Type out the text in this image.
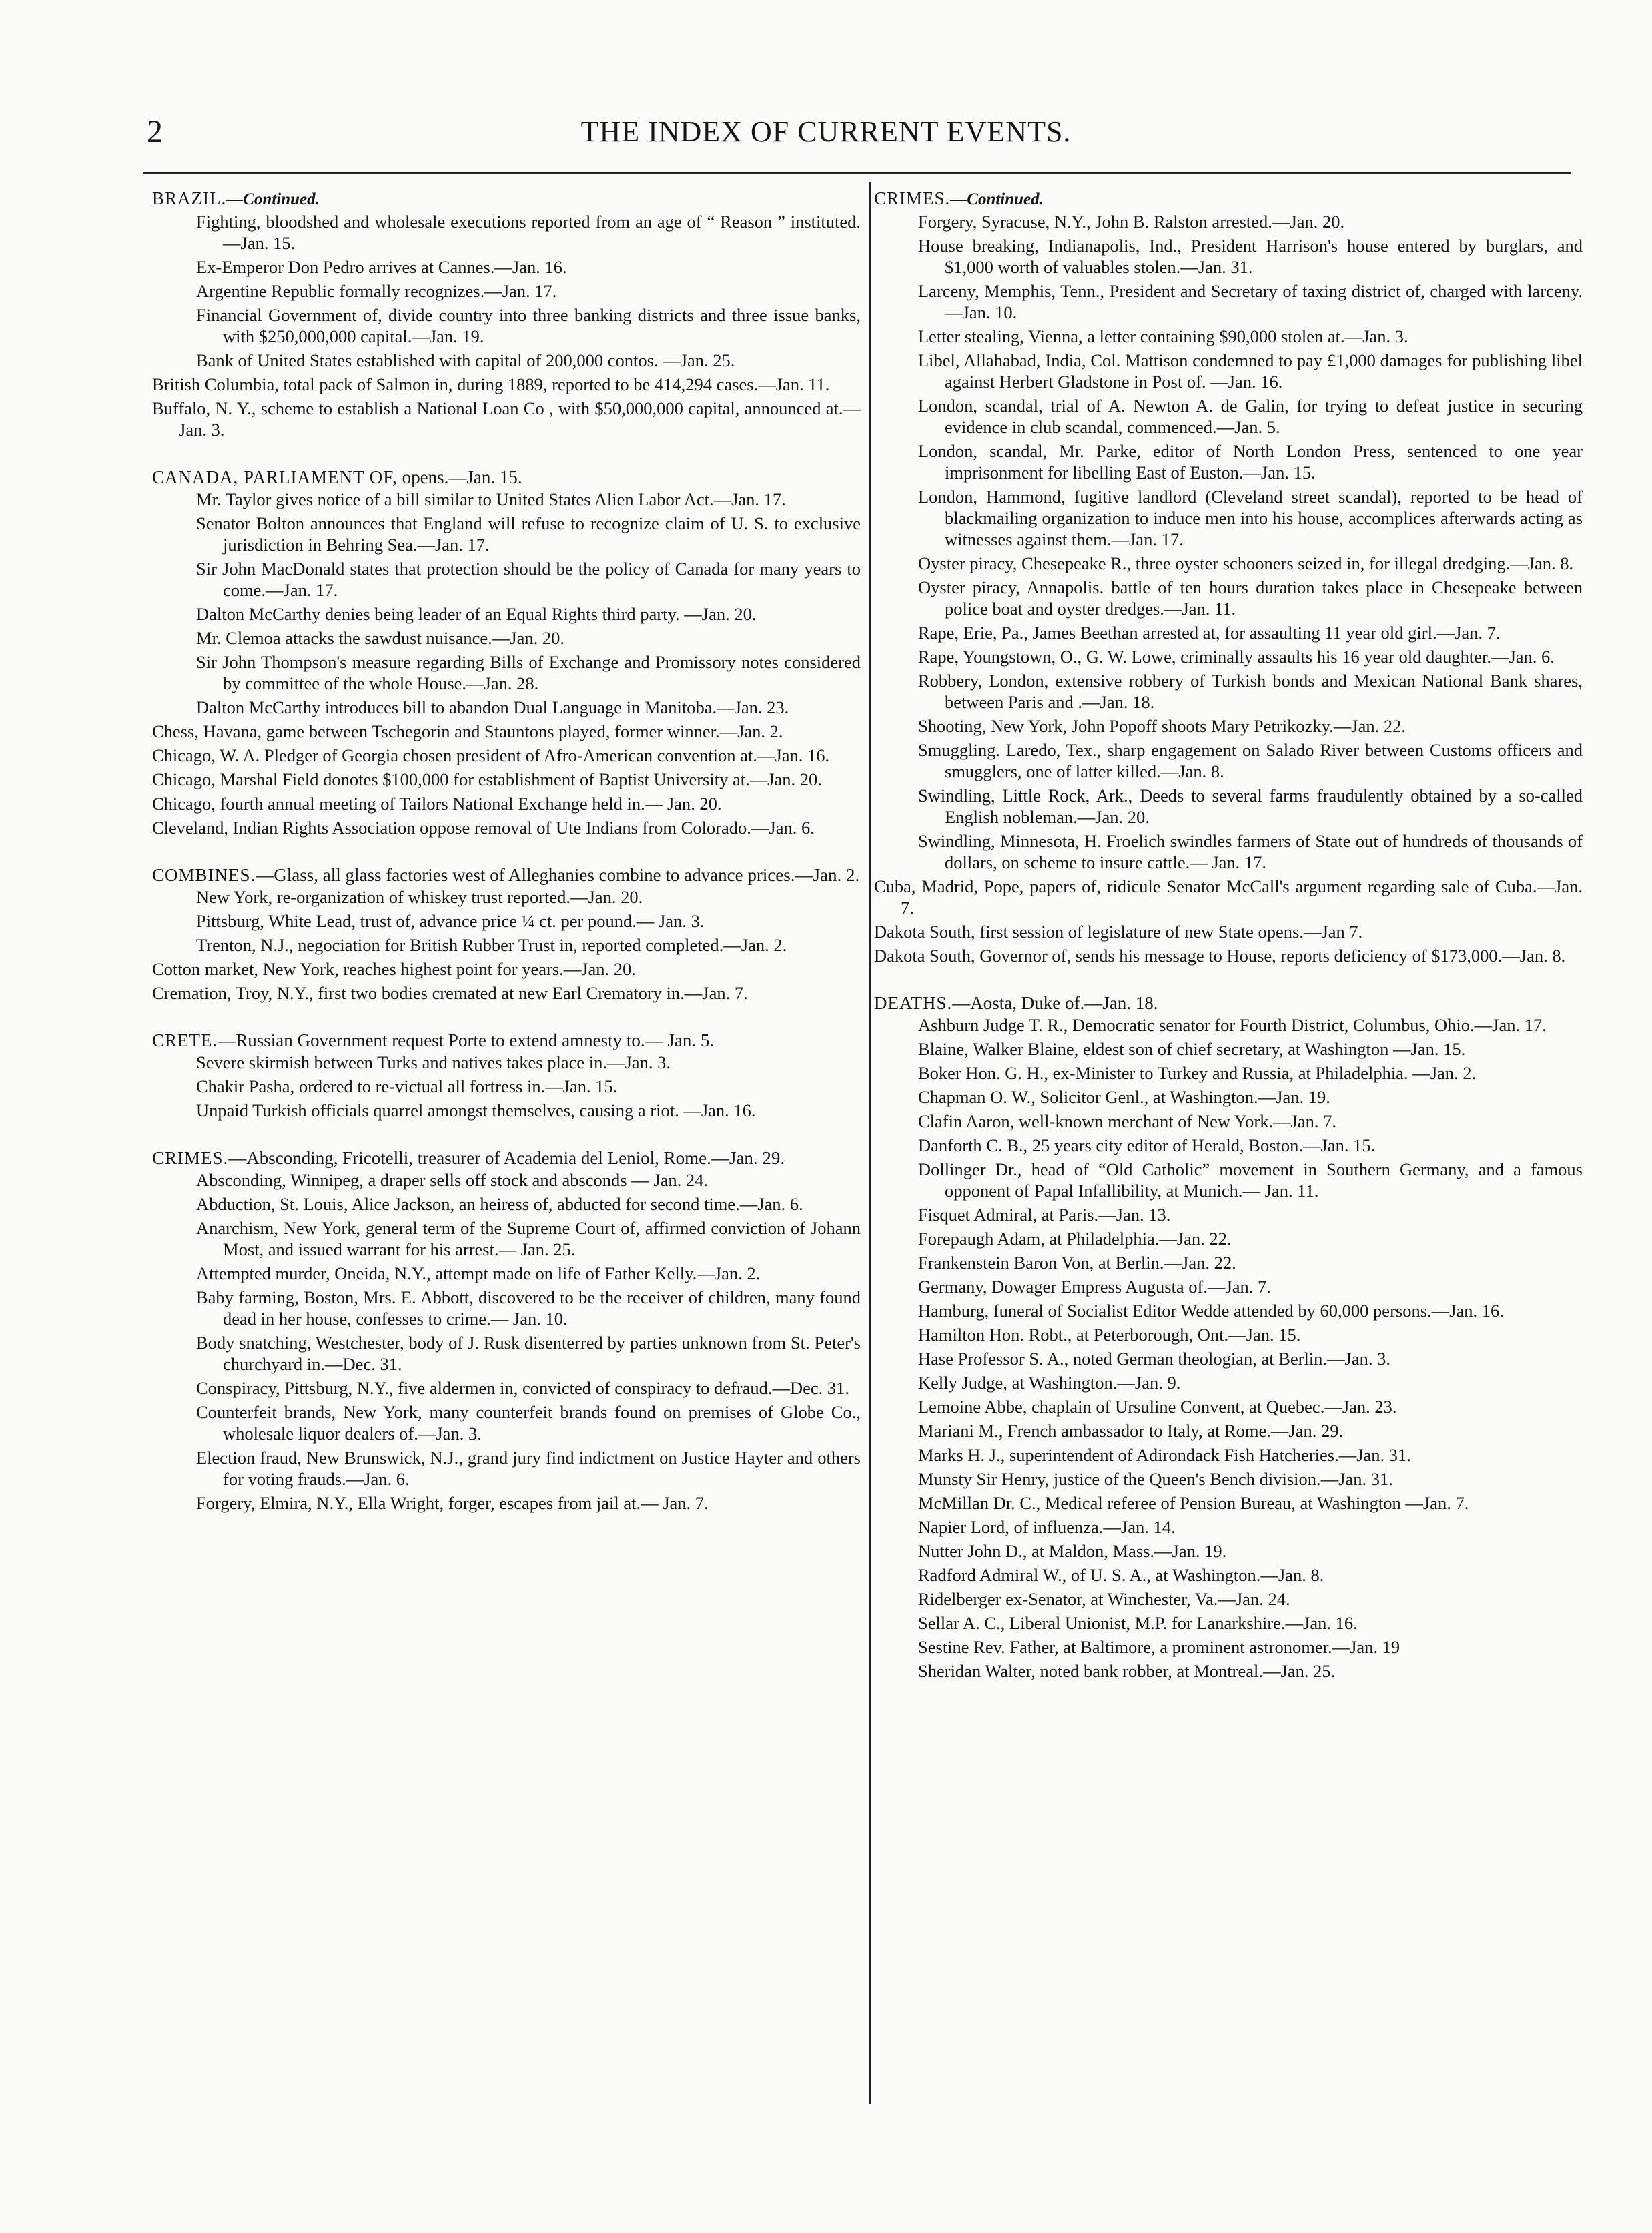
2	THE INDEX OF CURRENT EVENTS.

BRAZIL.—Continued.

Fighting, bloodshed and wholesale executions reported from an age of “ Reason ” instituted.—Jan. 15.

Ex-Emperor Don Pedro arrives at Cannes.—Jan. 16.

Argentine Republic formally recognizes.—Jan. 17.

Financial Government of, divide country into three banking districts and three issue banks, with $250,000,000 capital.—Jan. 19.

Bank of United States established with capital of 200,000 contos. —Jan. 25.

British Columbia, total pack of Salmon in, during 1889, reported to be 414,294 cases.—Jan. 11.

Buffalo, N. Y., scheme to establish a National Loan Co , with $50,000,000 capital, announced at.—Jan. 3.

CANADA, PARLIAMENT OF, opens.—Jan. 15.

Mr. Taylor gives notice of a bill similar to United States Alien Labor Act.—Jan. 17.

Senator Bolton announces that England will refuse to recognize claim of U. S. to exclusive jurisdiction in Behring Sea.—Jan. 17.

Sir John MacDonald states that protection should be the policy of Canada for many years to come.—Jan. 17.

Dalton McCarthy denies being leader of an Equal Rights third party. —Jan. 20.

Mr. Clemoa attacks the sawdust nuisance.—Jan. 20.

Sir John Thompson's measure regarding Bills of Exchange and Promissory notes considered by committee of the whole House.—Jan. 28.

Dalton McCarthy introduces bill to abandon Dual Language in Manitoba.—Jan. 23.

Chess, Havana, game between Tschegorin and Stauntons played, former winner.—Jan. 2.

Chicago, W. A. Pledger of Georgia chosen president of Afro-American convention at.—Jan. 16.

Chicago, Marshal Field donotes $100,000 for establishment of Baptist University at.—Jan. 20.

Chicago, fourth annual meeting of Tailors National Exchange held in.— Jan. 20.

Cleveland, Indian Rights Association oppose removal of Ute Indians from Colorado.—Jan. 6.

COMBINES.—Glass, all glass factories west of Alleghanies combine to advance prices.—Jan. 2.

New York, re-organization of whiskey trust reported.—Jan. 20.

Pittsburg, White Lead, trust of, advance price ¼ ct. per pound.— Jan. 3.

Trenton, N.J., negociation for British Rubber Trust in, reported completed.—Jan. 2.

Cotton market, New York, reaches highest point for years.—Jan. 20.

Cremation, Troy, N.Y., first two bodies cremated at new Earl Crematory in.—Jan. 7.

CRETE.—Russian Government request Porte to extend amnesty to.— Jan. 5.

Severe skirmish between Turks and natives takes place in.—Jan. 3.

Chakir Pasha, ordered to re-victual all fortress in.—Jan. 15.

Unpaid Turkish officials quarrel amongst themselves, causing a riot. —Jan. 16.

CRIMES.—Absconding, Fricotelli, treasurer of Academia del Leniol, Rome.—Jan. 29.

Absconding, Winnipeg, a draper sells off stock and absconds — Jan. 24.

Abduction, St. Louis, Alice Jackson, an heiress of, abducted for second time.—Jan. 6.

Anarchism, New York, general term of the Supreme Court of, affirmed conviction of Johann Most, and issued warrant for his arrest.— Jan. 25.

Attempted murder, Oneida, N.Y., attempt made on life of Father Kelly.—Jan. 2.

Baby farming, Boston, Mrs. E. Abbott, discovered to be the receiver of children, many found dead in her house, confesses to crime.— Jan. 10.

Body snatching, Westchester, body of J. Rusk disenterred by parties unknown from St. Peter's churchyard in.—Dec. 31.

Conspiracy, Pittsburg, N.Y., five aldermen in, convicted of conspiracy to defraud.—Dec. 31.

Counterfeit brands, New York, many counterfeit brands found on premises of Globe Co., wholesale liquor dealers of.—Jan. 3.

Election fraud, New Brunswick, N.J., grand jury find indictment on Justice Hayter and others for voting frauds.—Jan. 6.

Forgery, Elmira, N.Y., Ella Wright, forger, escapes from jail at.— Jan. 7.

CRIMES.—Continued.

Forgery, Syracuse, N.Y., John B. Ralston arrested.—Jan. 20.

House breaking, Indianapolis, Ind., President Harrison's house entered by burglars, and $1,000 worth of valuables stolen.—Jan. 31.

Larceny, Memphis, Tenn., President and Secretary of taxing district of, charged with larceny.—Jan. 10.

Letter stealing, Vienna, a letter containing $90,000 stolen at.—Jan. 3.

Libel, Allahabad, India, Col. Mattison condemned to pay £1,000 damages for publishing libel against Herbert Gladstone in Post of. —Jan. 16.

London, scandal, trial of A. Newton A. de Galin, for trying to defeat justice in securing evidence in club scandal, commenced.—Jan. 5.

London, scandal, Mr. Parke, editor of North London Press, sentenced to one year imprisonment for libelling East of Euston.—Jan. 15.

London, Hammond, fugitive landlord (Cleveland street scandal), reported to be head of blackmailing organization to induce men into his house, accomplices afterwards acting as witnesses against them.—Jan. 17.

Oyster piracy, Chesepeake R., three oyster schooners seized in, for illegal dredging.—Jan. 8.

Oyster piracy, Annapolis. battle of ten hours duration takes place in Chesepeake between police boat and oyster dredges.—Jan. 11.

Rape, Erie, Pa., James Beethan arrested at, for assaulting 11 year old girl.—Jan. 7.

Rape, Youngstown, O., G. W. Lowe, criminally assaults his 16 year old daughter.—Jan. 6.

Robbery, London, extensive robbery of Turkish bonds and Mexican National Bank shares, between Paris and .—Jan. 18.

Shooting, New York, John Popoff shoots Mary Petrikozky.—Jan. 22.

Smuggling. Laredo, Tex., sharp engagement on Salado River between Customs officers and smugglers, one of latter killed.—Jan. 8.

Swindling, Little Rock, Ark., Deeds to several farms fraudulently obtained by a so-called English nobleman.—Jan. 20.

Swindling, Minnesota, H. Froelich swindles farmers of State out of hundreds of thousands of dollars, on scheme to insure cattle.— Jan. 17.

Cuba, Madrid, Pope, papers of, ridicule Senator McCall's argument regarding sale of Cuba.—Jan. 7.

Dakota South, first session of legislature of new State opens.—Jan 7.

Dakota South, Governor of, sends his message to House, reports deficiency of $173,000.—Jan. 8.

DEATHS.—Aosta, Duke of.—Jan. 18.

Ashburn Judge T. R., Democratic senator for Fourth District, Columbus, Ohio.—Jan. 17.

Blaine, Walker Blaine, eldest son of chief secretary, at Washington —Jan. 15.

Boker Hon. G. H., ex-Minister to Turkey and Russia, at Philadelphia. —Jan. 2.

Chapman O. W., Solicitor Genl., at Washington.—Jan. 19.

Clafin Aaron, well-known merchant of New York.—Jan. 7.

Danforth C. B., 25 years city editor of Herald, Boston.—Jan. 15.

Dollinger Dr., head of “Old Catholic” movement in Southern Germany, and a famous opponent of Papal Infallibility, at Munich.— Jan. 11.

Fisquet Admiral, at Paris.—Jan. 13.

Forepaugh Adam, at Philadelphia.—Jan. 22.

Frankenstein Baron Von, at Berlin.—Jan. 22.

Germany, Dowager Empress Augusta of.—Jan. 7.

Hamburg, funeral of Socialist Editor Wedde attended by 60,000 persons.—Jan. 16.

Hamilton Hon. Robt., at Peterborough, Ont.—Jan. 15.

Hase Professor S. A., noted German theologian, at Berlin.—Jan. 3.

Kelly Judge, at Washington.—Jan. 9.

Lemoine Abbe, chaplain of Ursuline Convent, at Quebec.—Jan. 23.

Mariani M., French ambassador to Italy, at Rome.—Jan. 29.

Marks H. J., superintendent of Adirondack Fish Hatcheries.—Jan. 31.

Munsty Sir Henry, justice of the Queen's Bench division.—Jan. 31.

McMillan Dr. C., Medical referee of Pension Bureau, at Washington —Jan. 7.

Napier Lord, of influenza.—Jan. 14.

Nutter John D., at Maldon, Mass.—Jan. 19.

Radford Admiral W., of U. S. A., at Washington.—Jan. 8.

Ridelberger ex-Senator, at Winchester, Va.—Jan. 24.

Sellar A. C., Liberal Unionist, M.P. for Lanarkshire.—Jan. 16.

Sestine Rev. Father, at Baltimore, a prominent astronomer.—Jan. 19

Sheridan Walter, noted bank robber, at Montreal.—Jan. 25.
